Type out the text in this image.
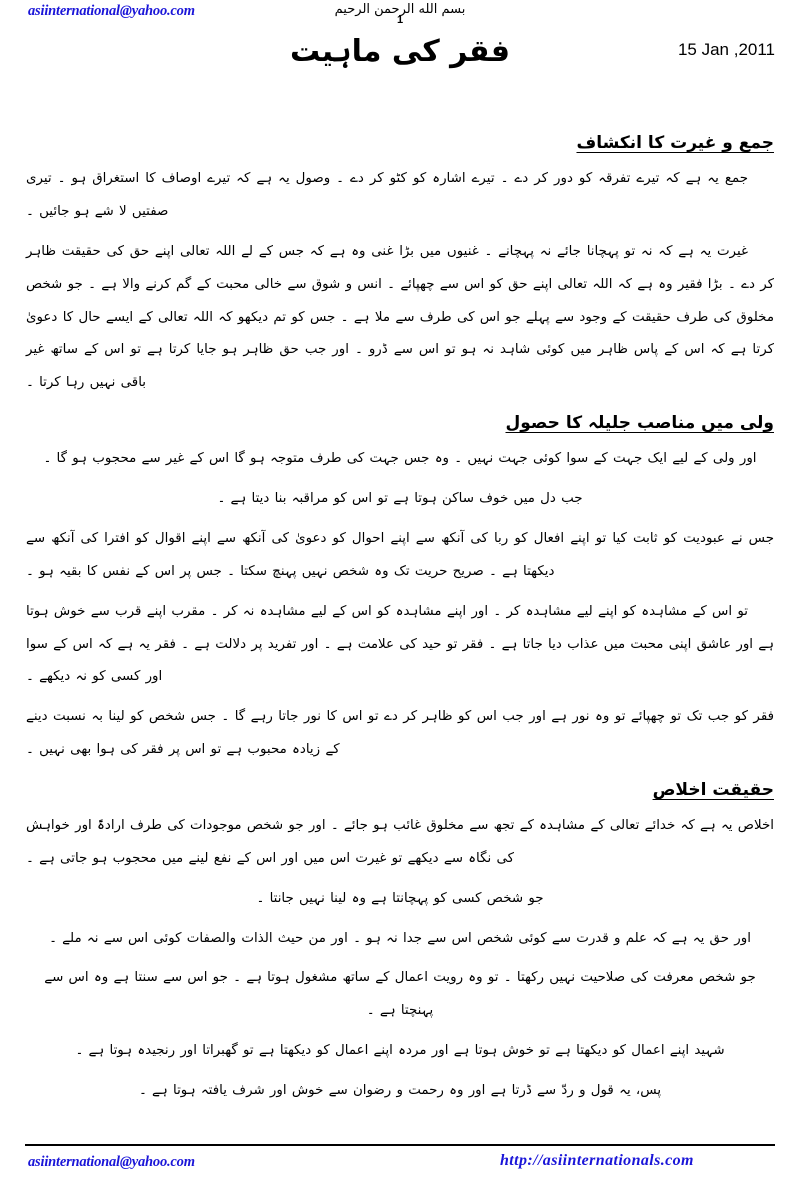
asiinternational@yahoo.com	بسم الله الرحمن الرحيم
1
فقر کی ماہیت	15 Jan ,2011
جمع و غیرت کا انکشاف

جمع یہ ہے کہ تیرے تفرقہ کو دور کر دے ۔ تیرے اشارہ کو کٹو کر دے ۔ وصول یہ ہے کہ تیرے اوصاف کا استغراق ہو ۔ تیری صفتیں لا شے ہو جائیں ۔

غیرت یہ ہے کہ نہ تو پہچانا جائے نہ پہچانے ۔ غنیوں میں بڑا غنی وہ ہے کہ جس کے لے اللہ تعالی اپنے حق کی حقیقت ظاہر کر دے ۔ بڑا فقیر وہ ہے کہ اللہ تعالی اپنے حق کو اس سے چھپائے ۔ انس و شوق سے خالی محبت کے گم کرنے والا ہے ۔ جو شخص مخلوق کی طرف حقیقت کے وجود سے پہلے جو اس کی طرف سے ملا ہے ۔ جس کو تم دیکھو کہ اللہ تعالی کے ایسے حال کا دعویٰ کرتا ہے کہ اس کے پاس ظاہر میں کوئی شاہد نہ ہو تو اس سے ڈرو ۔ اور جب حق ظاہر ہو جایا کرتا ہے تو اس کے ساتھ غیر باقی نہیں رہا کرتا ۔

ولی میں مناصب جلیلہ کا حصول

اور ولی کے لیے ایک جہت کے سوا کوئی جہت نہیں ۔ وہ جس جہت کی طرف متوجہ ہو گا اس کے غیر سے محجوب ہو گا ۔

جب دل میں خوف ساکن ہوتا ہے تو اس کو مراقبہ بنا دیتا ہے ۔

جس نے عبودیت کو ثابت کیا تو اپنے افعال کو ربا کی آنکھ سے اپنے احوال کو دعویٰ کی آنکھ سے اپنے اقوال کو افترا کی آنکھ سے دیکھتا ہے ۔ صریح حریت تک وہ شخص نہیں پہنچ سکتا ۔ جس پر اس کے نفس کا بقیہ ہو ۔

تو اس کے مشاہدہ کو اپنے لیے مشاہدہ کر ۔ اور اپنے مشاہدہ کو اس کے لیے مشاہدہ نہ کر ۔ مقرب اپنے قرب سے خوش ہوتا ہے اور عاشق اپنی محبت میں عذاب دیا جاتا ہے ۔ فقر تو حید کی علامت ہے ۔ اور تفرید پر دلالت ہے ۔ فقر یہ ہے کہ اس کے سوا اور کسی کو نہ دیکھے ۔

فقر کو جب تک تو چھپائے تو وہ نور ہے اور جب اس کو ظاہر کر دے تو اس کا نور جاتا رہے گا ۔ جس شخص کو لینا بہ نسبت دینے کے زیادہ محبوب ہے تو اس پر فقر کی ہوا بھی نہیں ۔

حقیقت اخلاص

اخلاص یہ ہے کہ خدائے تعالی کے مشاہدہ کے تجھ سے مخلوق غائب ہو جائے ۔ اور جو شخص موجودات کی طرف ارادۃً اور خواہش کی نگاہ سے دیکھے تو غیرت اس میں اور اس کے نفع لینے میں محجوب ہو جاتی ہے ۔

جو شخص کسی کو پہچانتا ہے وہ لینا نہیں جانتا ۔

اور حق یہ ہے کہ علم و قدرت سے کوئی شخص اس سے جدا نہ ہو ۔ اور من حیث الذات والصفات کوئی اس سے نہ ملے ۔

جو شخص معرفت کی صلاحیت نہیں رکھتا ۔ تو وہ رویت اعمال کے ساتھ مشغول ہوتا ہے ۔ جو اس سے سنتا ہے وہ اس سے پہنچتا ہے ۔

شہید اپنے اعمال کو دیکھتا ہے تو خوش ہوتا ہے اور مردہ اپنے اعمال کو دیکھتا ہے تو گھبراتا اور رنجیدہ ہوتا ہے ۔

پس، یہ قول و ردّ سے ڈرتا ہے اور وہ رحمت و رضوان سے خوش اور شرف یافتہ ہوتا ہے ۔

asiinternational@yahoo.com	http://asiinternationals.com
